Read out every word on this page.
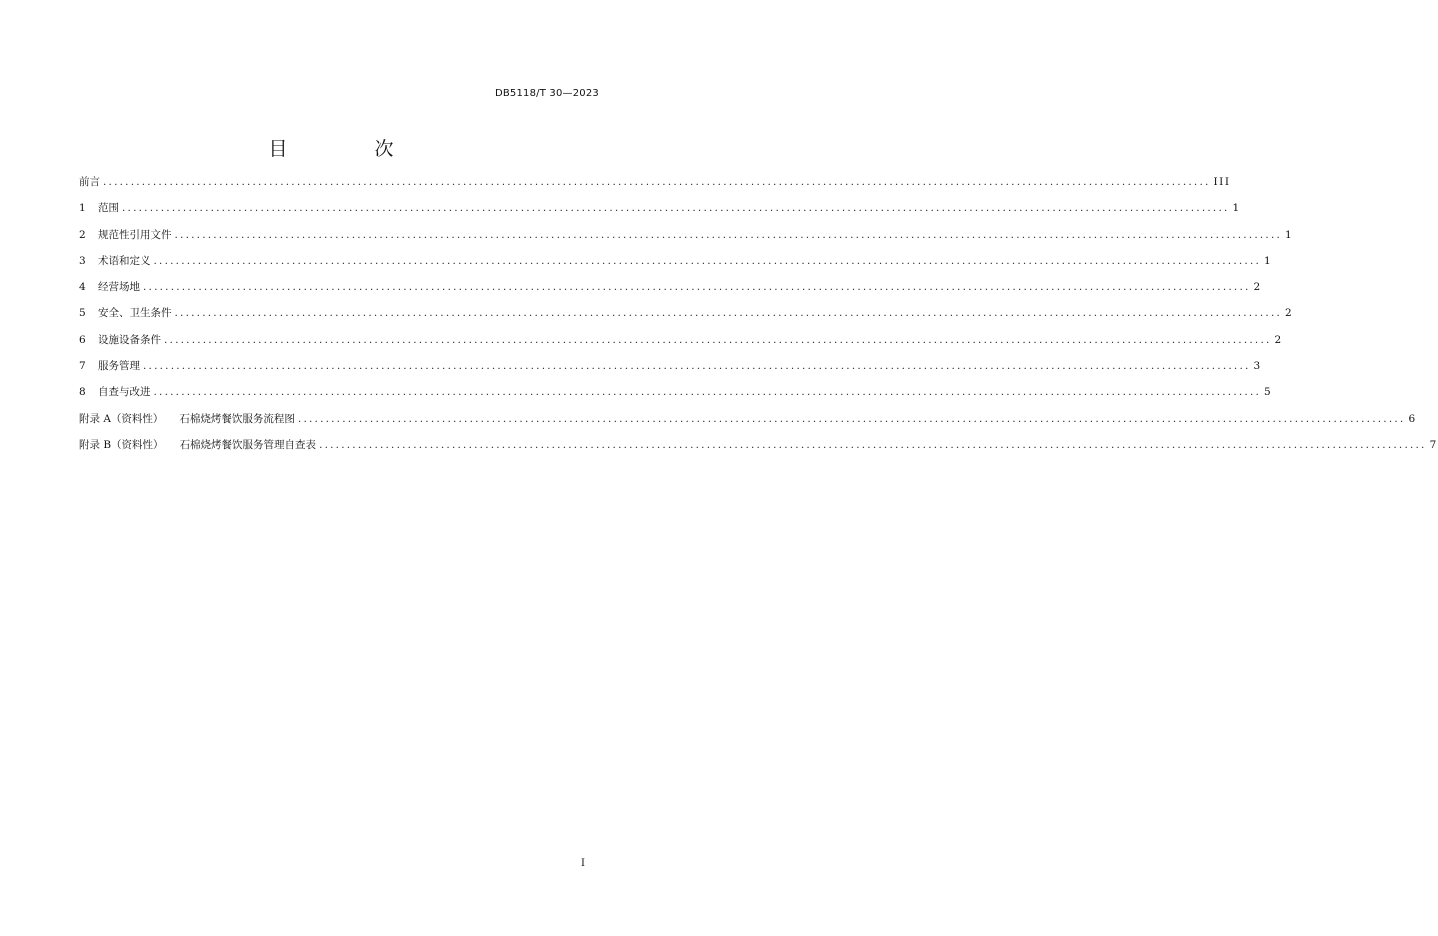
DB5118/T 30—2023
目　次
前言 ........................................................................................................................................................................................................ III
1	范围 ........................................................................................................................................................................................................ 1
2	规范性引用文件 ........................................................................................................................................................................................................ 1
3	术语和定义 ........................................................................................................................................................................................................ 1
4	经营场地 ........................................................................................................................................................................................................ 2
5	安全、卫生条件 ........................................................................................................................................................................................................ 2
6	设施设备条件 ........................................................................................................................................................................................................ 2
7	服务管理 ........................................................................................................................................................................................................ 3
8	自查与改进 ........................................................................................................................................................................................................ 5
附录 A（资料性）	石棉烧烤餐饮服务流程图 ........................................................................................................................................................................................................ 6
附录 B（资料性）	石棉烧烤餐饮服务管理自查表 ........................................................................................................................................................................................................ 7
I
